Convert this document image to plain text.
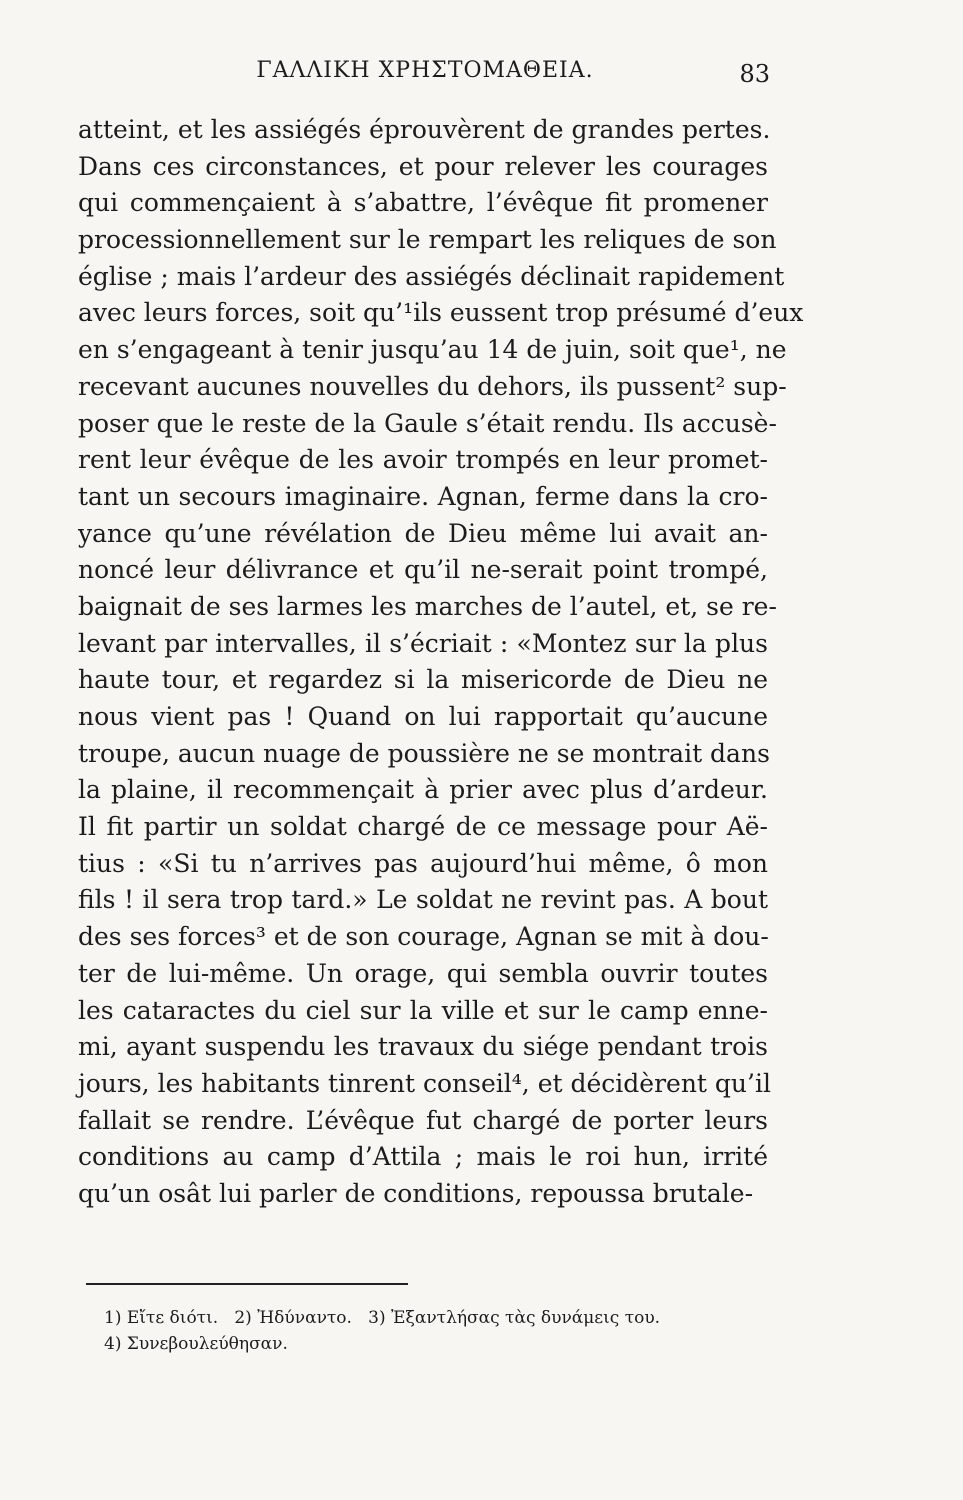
ΓΑΛΛΙΚΗ ΧΡΗΣΤΟΜΑΘΕΙΑ.	83
atteint, et les assiégés éprouvèrent de grandes pertes.
Dans ces circonstances, et pour relever les courages
qui commençaient à s’abattre, l’évêque fit promener
processionnellement sur le rempart les reliques de son
église ; mais l’ardeur des assiégés déclinait rapidement
avec leurs forces, soit qu’¹ils eussent trop présumé d’eux
en s’engageant à tenir jusqu’au 14 de juin, soit que¹, ne
recevant aucunes nouvelles du dehors, ils pussent² sup-
poser que le reste de la Gaule s’était rendu. Ils accusè-
rent leur évêque de les avoir trompés en leur promet-
tant un secours imaginaire. Agnan, ferme dans la cro-
yance qu’une révélation de Dieu même lui avait an-
noncé leur délivrance et qu’il ne-serait point trompé,
baignait de ses larmes les marches de l’autel, et, se re-
levant par intervalles, il s’écriait : «Montez sur la plus
haute tour, et regardez si la misericorde de Dieu ne
nous vient pas ! Quand on lui rapportait qu’aucune
troupe, aucun nuage de poussière ne se montrait dans
la plaine, il recommençait à prier avec plus d’ardeur.
Il fit partir un soldat chargé de ce message pour Aë-
tius : «Si tu n’arrives pas aujourd’hui même, ô mon
fils ! il sera trop tard.» Le soldat ne revint pas. A bout
des ses forces³ et de son courage, Agnan se mit à dou-
ter de lui-même. Un orage, qui sembla ouvrir toutes
les cataractes du ciel sur la ville et sur le camp enne-
mi, ayant suspendu les travaux du siége pendant trois
jours, les habitants tinrent conseil⁴, et décidèrent qu’il
fallait se rendre. L’évêque fut chargé de porter leurs
conditions au camp d’Attila ; mais le roi hun, irrité
qu’un osât lui parler de conditions, repoussa brutale-
1) Εἴτε διότι.   2) Ἠδύναντο.   3) Ἐξαντλήσας τὰς δυνάμεις του.
4) Συνεβουλεύθησαν.
